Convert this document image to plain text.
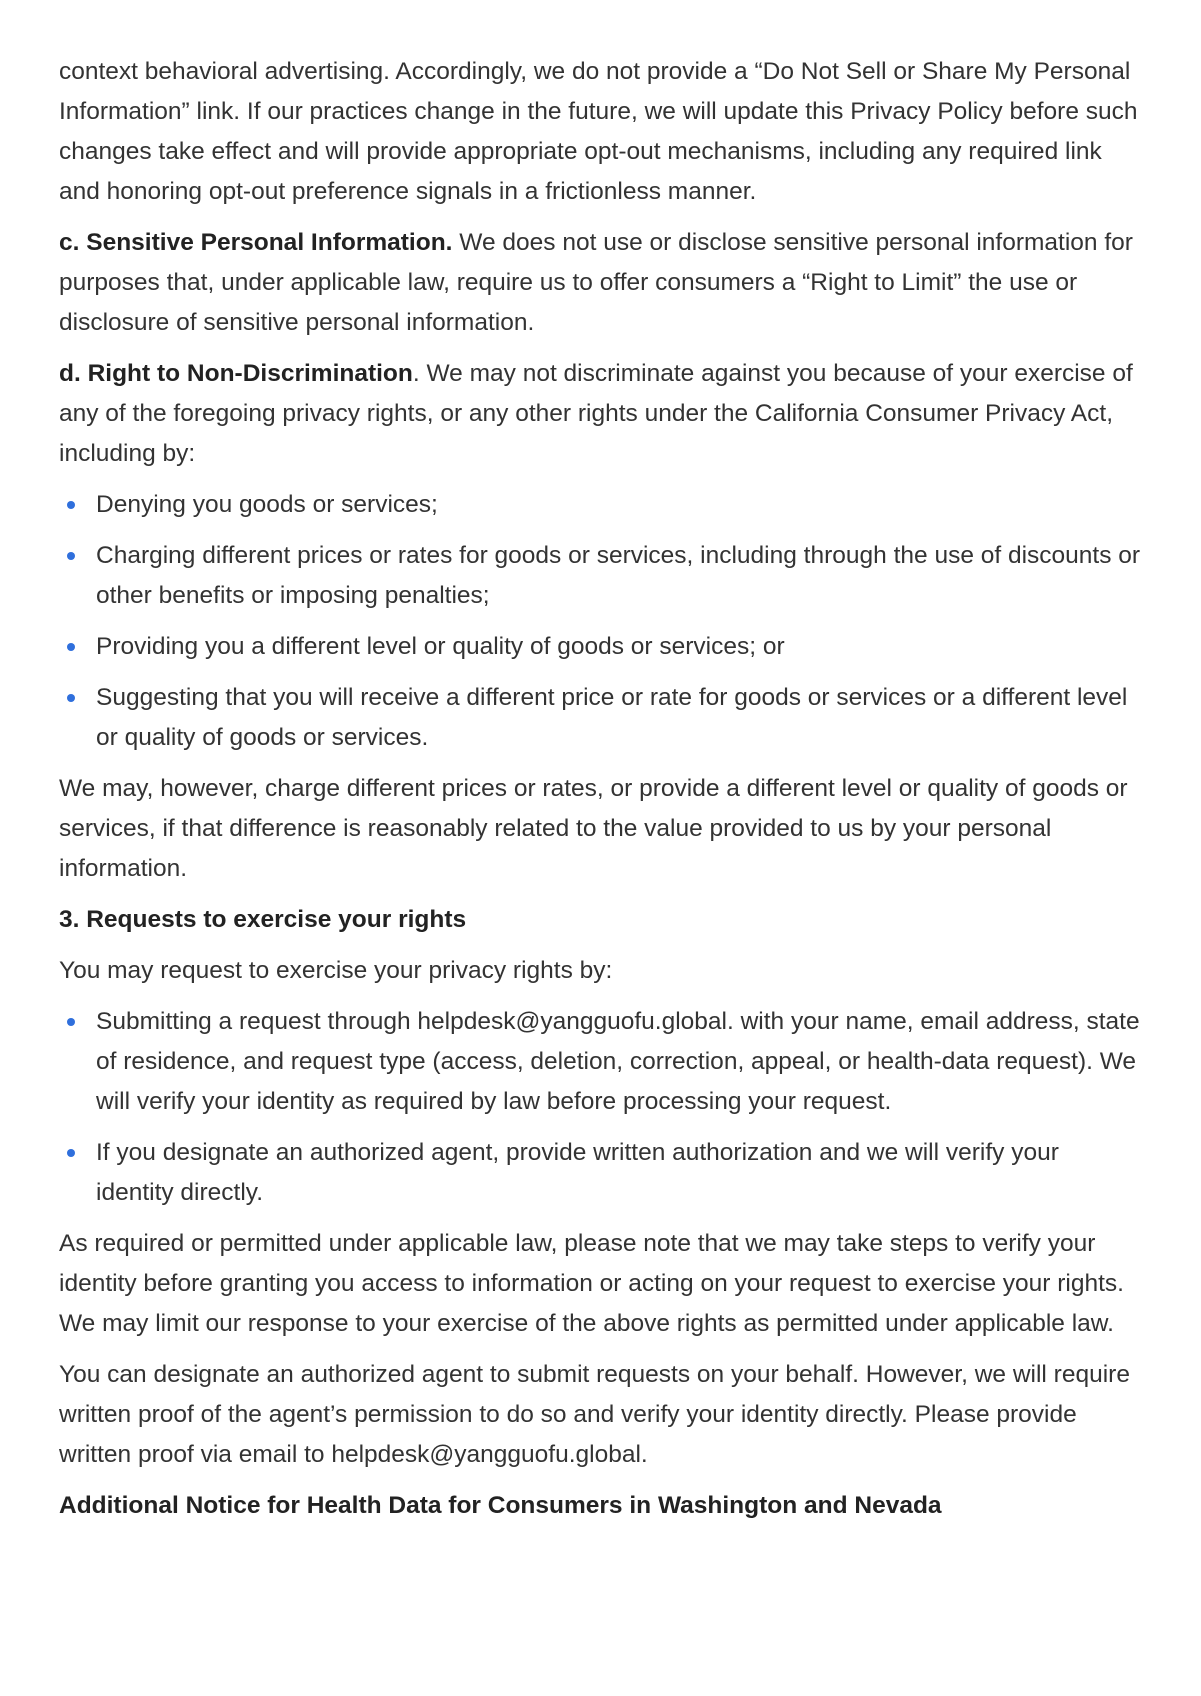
context behavioral advertising. Accordingly, we do not provide a “Do Not Sell or Share My Personal Information” link. If our practices change in the future, we will update this Privacy Policy before such changes take effect and will provide appropriate opt-out mechanisms, including any required link and honoring opt-out preference signals in a frictionless manner.

c. Sensitive Personal Information. We does not use or disclose sensitive personal information for purposes that, under applicable law, require us to offer consumers a “Right to Limit” the use or disclosure of sensitive personal information.

d. Right to Non-Discrimination. We may not discriminate against you because of your exercise of any of the foregoing privacy rights, or any other rights under the California Consumer Privacy Act, including by:

Denying you goods or services;
Charging different prices or rates for goods or services, including through the use of discounts or other benefits or imposing penalties;
Providing you a different level or quality of goods or services; or
Suggesting that you will receive a different price or rate for goods or services or a different level or quality of goods or services.

We may, however, charge different prices or rates, or provide a different level or quality of goods or services, if that difference is reasonably related to the value provided to us by your personal information.

3. Requests to exercise your rights

You may request to exercise your privacy rights by:

Submitting a request through helpdesk@yangguofu.global. with your name, email address, state of residence, and request type (access, deletion, correction, appeal, or health-data request). We will verify your identity as required by law before processing your request.
If you designate an authorized agent, provide written authorization and we will verify your identity directly.

As required or permitted under applicable law, please note that we may take steps to verify your identity before granting you access to information or acting on your request to exercise your rights. We may limit our response to your exercise of the above rights as permitted under applicable law.

You can designate an authorized agent to submit requests on your behalf. However, we will require written proof of the agent’s permission to do so and verify your identity directly. Please provide written proof via email to helpdesk@yangguofu.global.

Additional Notice for Health Data for Consumers in Washington and Nevada
